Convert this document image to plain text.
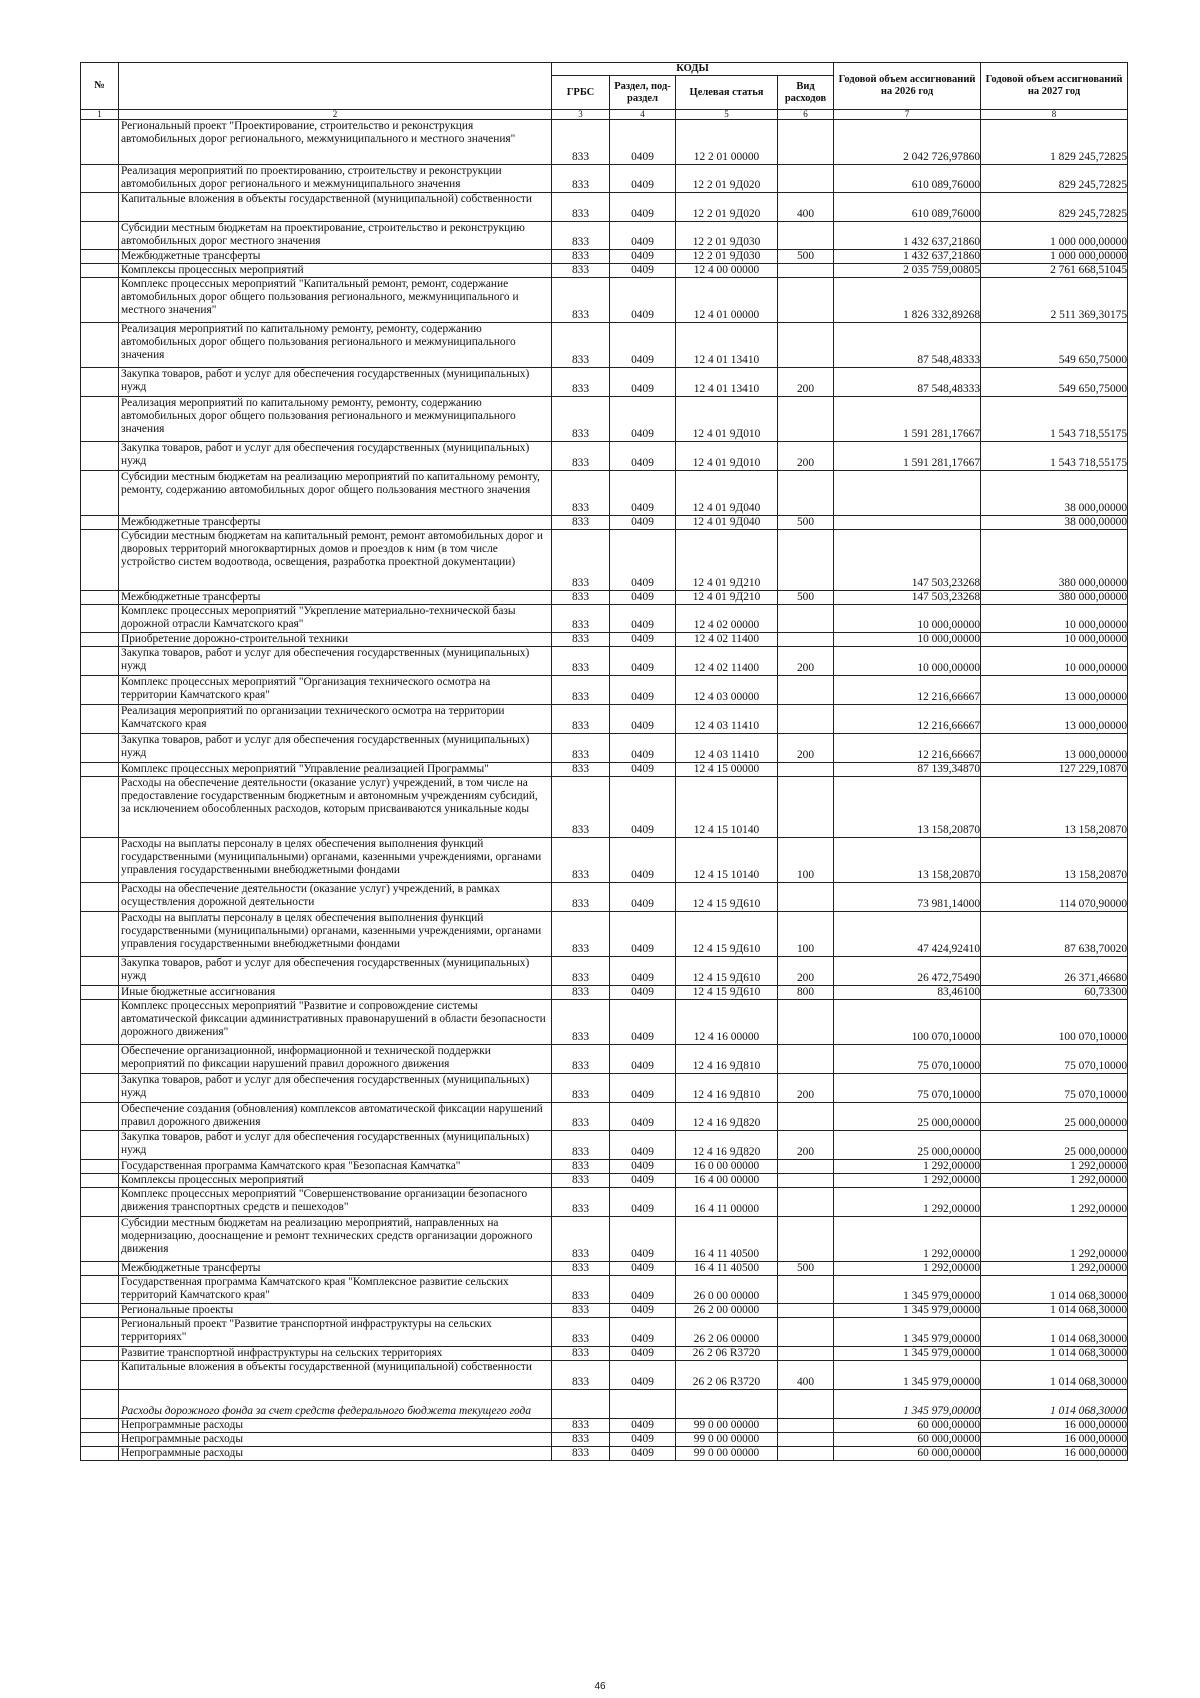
№		КОДЫ				Годовой объем ассигнований на 2026 год	Годовой объем ассигнований на 2027 год
		ГРБС	Раздел, под-раздел	Целевая статья	Вид расходов		
1	2	3	4	5	6	7	8
	Региональный проект "Проектирование, строительство и реконструкция автомобильных дорог регионального, межмуниципального и местного значения"	833	0409	12 2 01 00000		2 042 726,97860	1 829 245,72825
	Реализация мероприятий по проектированию, строительству и реконструкции автомобильных дорог регионального и межмуниципального значения	833	0409	12 2 01 9Д020		610 089,76000	829 245,72825
	Капитальные вложения в объекты государственной (муниципальной) собственности	833	0409	12 2 01 9Д020	400	610 089,76000	829 245,72825
	Субсидии местным бюджетам на проектирование, строительство и реконструкцию автомобильных дорог местного значения	833	0409	12 2 01 9Д030		1 432 637,21860	1 000 000,00000
	Межбюджетные трансферты	833	0409	12 2 01 9Д030	500	1 432 637,21860	1 000 000,00000
	Комплексы процессных мероприятий	833	0409	12 4 00 00000		2 035 759,00805	2 761 668,51045
	Комплекс процессных мероприятий "Капитальный ремонт, ремонт, содержание автомобильных дорог общего пользования регионального, межмуниципального и местного значения"	833	0409	12 4 01 00000		1 826 332,89268	2 511 369,30175
	Реализация мероприятий по капитальному ремонту, ремонту, содержанию автомобильных дорог общего пользования регионального и межмуниципального значения	833	0409	12 4 01 13410		87 548,48333	549 650,75000
	Закупка товаров, работ и услуг для обеспечения государственных (муниципальных) нужд	833	0409	12 4 01 13410	200	87 548,48333	549 650,75000
	Реализация мероприятий по капитальному ремонту, ремонту, содержанию автомобильных дорог общего пользования регионального и межмуниципального значения	833	0409	12 4 01 9Д010		1 591 281,17667	1 543 718,55175
	Закупка товаров, работ и услуг для обеспечения государственных (муниципальных) нужд	833	0409	12 4 01 9Д010	200	1 591 281,17667	1 543 718,55175
	Субсидии местным бюджетам на реализацию мероприятий по капитальному ремонту, ремонту, содержанию автомобильных дорог общего пользования местного значения	833	0409	12 4 01 9Д040			38 000,00000
	Межбюджетные трансферты	833	0409	12 4 01 9Д040	500		38 000,00000
	Субсидии местным бюджетам на капитальный ремонт, ремонт автомобильных дорог и дворовых территорий многоквартирных домов и проездов к ним (в том числе устройство систем водоотвода, освещения, разработка проектной документации)	833	0409	12 4 01 9Д210		147 503,23268	380 000,00000
	Межбюджетные трансферты	833	0409	12 4 01 9Д210	500	147 503,23268	380 000,00000
	Комплекс процессных мероприятий "Укрепление материально-технической базы дорожной отрасли Камчатского края"	833	0409	12 4 02 00000		10 000,00000	10 000,00000
	Приобретение дорожно-строительной техники	833	0409	12 4 02 11400		10 000,00000	10 000,00000
	Закупка товаров, работ и услуг для обеспечения государственных (муниципальных) нужд	833	0409	12 4 02 11400	200	10 000,00000	10 000,00000
	Комплекс процессных мероприятий "Организация технического осмотра на территории Камчатского края"	833	0409	12 4 03 00000		12 216,66667	13 000,00000
	Реализация мероприятий по организации технического осмотра на территории Камчатского края	833	0409	12 4 03 11410		12 216,66667	13 000,00000
	Закупка товаров, работ и услуг для обеспечения государственных (муниципальных) нужд	833	0409	12 4 03 11410	200	12 216,66667	13 000,00000
	Комплекс процессных мероприятий "Управление реализацией Программы"	833	0409	12 4 15 00000		87 139,34870	127 229,10870
	Расходы на обеспечение деятельности (оказание услуг) учреждений, в том числе на предоставление государственным бюджетным и автономным учреждениям субсидий, за исключением обособленных расходов, которым присваиваются уникальные коды	833	0409	12 4 15 10140		13 158,20870	13 158,20870
	Расходы на выплаты персоналу в целях обеспечения выполнения функций государственными (муниципальными) органами, казенными учреждениями, органами управления государственными внебюджетными фондами	833	0409	12 4 15 10140	100	13 158,20870	13 158,20870
	Расходы на обеспечение деятельности (оказание услуг) учреждений, в рамках осуществления дорожной деятельности	833	0409	12 4 15 9Д610		73 981,14000	114 070,90000
	Расходы на выплаты персоналу в целях обеспечения выполнения функций государственными (муниципальными) органами, казенными учреждениями, органами управления государственными внебюджетными фондами	833	0409	12 4 15 9Д610	100	47 424,92410	87 638,70020
	Закупка товаров, работ и услуг для обеспечения государственных (муниципальных) нужд	833	0409	12 4 15 9Д610	200	26 472,75490	26 371,46680
	Иные бюджетные ассигнования	833	0409	12 4 15 9Д610	800	83,46100	60,73300
	Комплекс процессных мероприятий "Развитие и сопровождение системы автоматической фиксации административных правонарушений в области безопасности дорожного движения"	833	0409	12 4 16 00000		100 070,10000	100 070,10000
	Обеспечение организационной, информационной и технической поддержки мероприятий по фиксации нарушений правил дорожного движения	833	0409	12 4 16 9Д810		75 070,10000	75 070,10000
	Закупка товаров, работ и услуг для обеспечения государственных (муниципальных) нужд	833	0409	12 4 16 9Д810	200	75 070,10000	75 070,10000
	Обеспечение создания (обновления) комплексов автоматической фиксации нарушений правил дорожного движения	833	0409	12 4 16 9Д820		25 000,00000	25 000,00000
	Закупка товаров, работ и услуг для обеспечения государственных (муниципальных) нужд	833	0409	12 4 16 9Д820	200	25 000,00000	25 000,00000
	Государственная программа Камчатского края "Безопасная Камчатка"	833	0409	16 0 00 00000		1 292,00000	1 292,00000
	Комплексы процессных мероприятий	833	0409	16 4 00 00000		1 292,00000	1 292,00000
	Комплекс процессных мероприятий "Совершенствование организации безопасного движения транспортных средств и пешеходов"	833	0409	16 4 11 00000		1 292,00000	1 292,00000
	Субсидии местным бюджетам на реализацию мероприятий, направленных на модернизацию, дооснащение и ремонт технических средств организации дорожного движения	833	0409	16 4 11 40500		1 292,00000	1 292,00000
	Межбюджетные трансферты	833	0409	16 4 11 40500	500	1 292,00000	1 292,00000
	Государственная программа Камчатского края "Комплексное развитие сельских территорий Камчатского края"	833	0409	26 0 00 00000		1 345 979,00000	1 014 068,30000
	Региональные проекты	833	0409	26 2 00 00000		1 345 979,00000	1 014 068,30000
	Региональный проект "Развитие транспортной инфраструктуры на сельских территориях"	833	0409	26 2 06 00000		1 345 979,00000	1 014 068,30000
	Развитие транспортной инфраструктуры на сельских территориях	833	0409	26 2 06 R3720		1 345 979,00000	1 014 068,30000
	Капитальные вложения в объекты государственной (муниципальной) собственности	833	0409	26 2 06 R3720	400	1 345 979,00000	1 014 068,30000
	Расходы дорожного фонда за счет средств федерального бюджета текущего года					1 345 979,00000	1 014 068,30000
	Непрограммные расходы	833	0409	99 0 00 00000		60 000,00000	16 000,00000
	Непрограммные расходы	833	0409	99 0 00 00000		60 000,00000	16 000,00000
	Непрограммные расходы	833	0409	99 0 00 00000		60 000,00000	16 000,00000
46
